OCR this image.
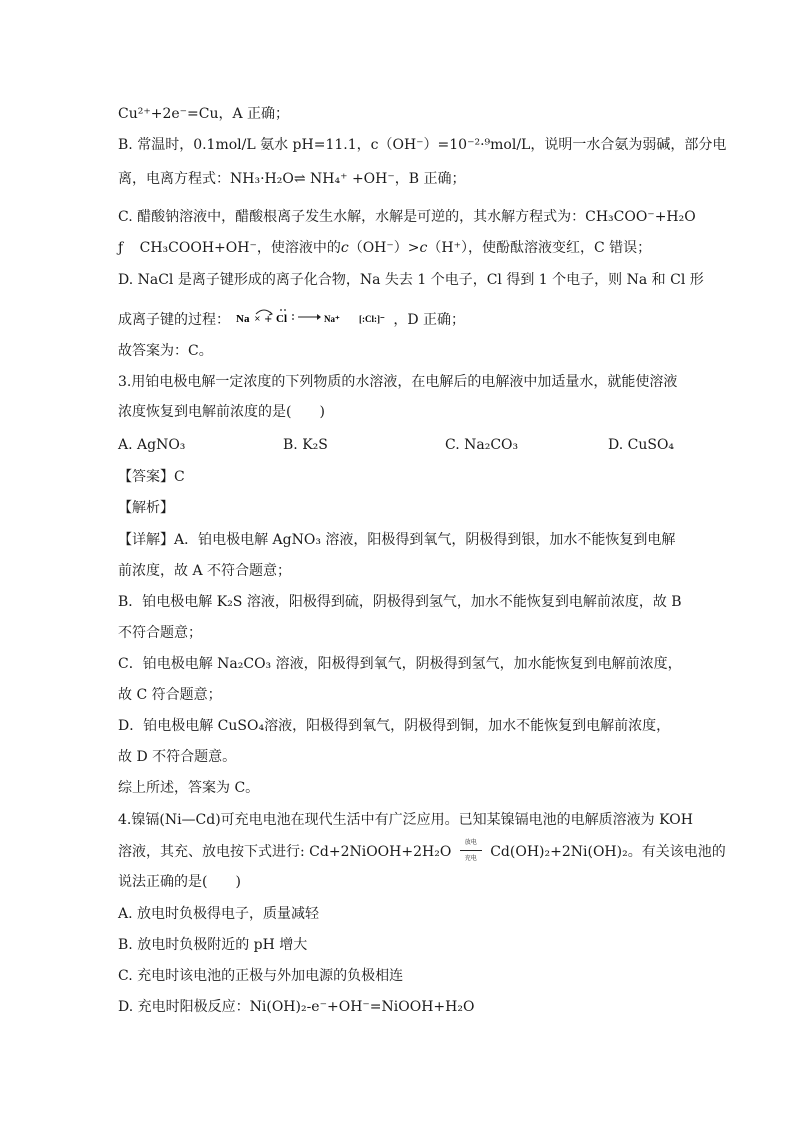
Cu²⁺+2e⁻=Cu，A 正确；
B. 常温时，0.1mol/L 氨水 pH=11.1，c（OH⁻）=10⁻²·⁹mol/L，说明一水合氨为弱碱，部分电
离，电离方程式：NH₃·H₂O⇌ NH₄⁺ +OH⁻，B 正确；
C. 醋酸钠溶液中，醋酸根离子发生水解，水解是可逆的，其水解方程式为：CH₃COO⁻+H₂O
ƒ CH₃COOH+OH⁻，使溶液中的c（OH⁻）>c（H⁺），使酚酞溶液变红，C 错误；
D. NaCl 是离子键形成的离子化合物，Na 失去 1 个电子，Cl 得到 1 个电子，则 Na 和 Cl 形
成离子键的过程： Na × + Cl	Na⁺
[:Cl:]⁻ ，D 正确；
故答案为：C。
3.用铂电极电解一定浓度的下列物质的水溶液，在电解后的电解液中加适量水，就能使溶液
浓度恢复到电解前浓度的是(　　)
A. AgNO₃	B. K₂S	C. Na₂CO₃	D. CuSO₄
【答案】C
【解析】
【详解】A．铂电极电解 AgNO₃ 溶液，阳极得到氧气，阴极得到银，加水不能恢复到电解
前浓度，故 A 不符合题意；
B．铂电极电解 K₂S 溶液，阳极得到硫，阴极得到氢气，加水不能恢复到电解前浓度，故 B
不符合题意；
C．铂电极电解 Na₂CO₃ 溶液，阳极得到氧气，阴极得到氢气，加水能恢复到电解前浓度，
故 C 符合题意；
D．铂电极电解 CuSO₄溶液，阳极得到氧气，阴极得到铜，加水不能恢复到电解前浓度，
故 D 不符合题意。
综上所述，答案为 C。
4.镍镉(Ni—Cd)可充电电池在现代生活中有广泛应用。已知某镍镉电池的电解质溶液为 KOH
溶液，其充、放电按下式进行: Cd+2NiOOH+2H₂O
放电
充电 Cd(OH)₂+2Ni(OH)₂。有关该电池的
说法正确的是(　　)
A. 放电时负极得电子，质量减轻
B. 放电时负极附近的 pH 增大
C. 充电时该电池的正极与外加电源的负极相连
D. 充电时阳极反应：Ni(OH)₂-e⁻+OH⁻=NiOOH+H₂O
